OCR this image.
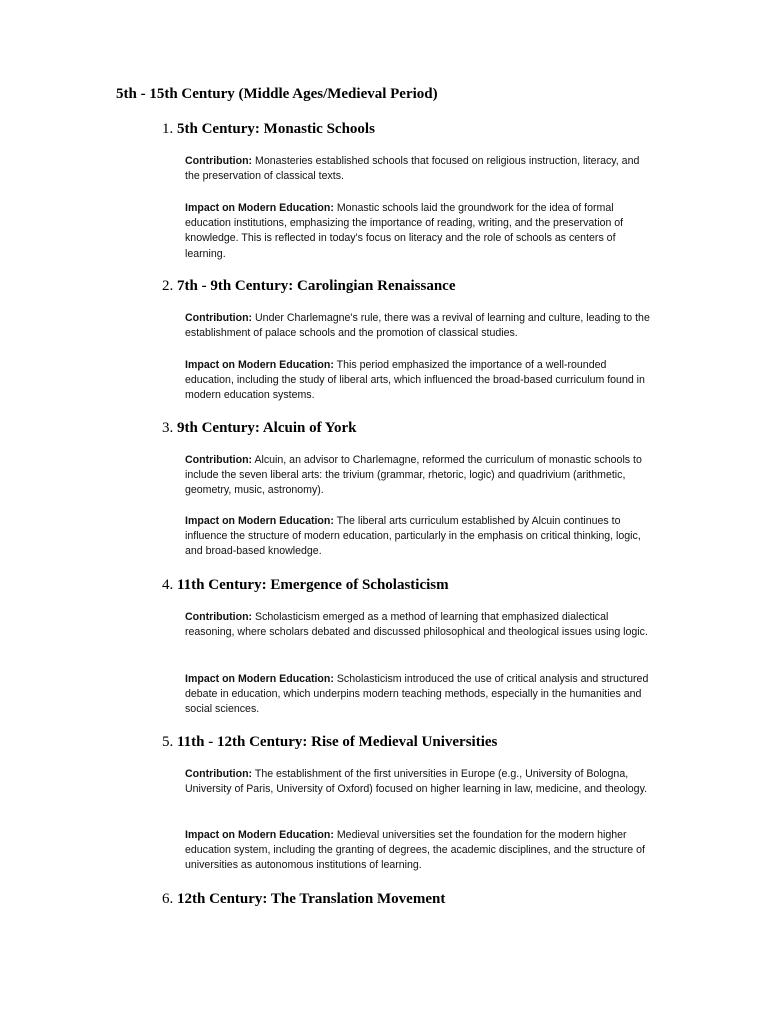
5th - 15th Century (Middle Ages/Medieval Period)
1. 5th Century: Monastic Schools

Contribution: Monasteries established schools that focused on religious instruction, literacy, and the preservation of classical texts.

Impact on Modern Education: Monastic schools laid the groundwork for the idea of formal education institutions, emphasizing the importance of reading, writing, and the preservation of knowledge. This is reflected in today's focus on literacy and the role of schools as centers of learning.

2. 7th - 9th Century: Carolingian Renaissance

Contribution: Under Charlemagne's rule, there was a revival of learning and culture, leading to the establishment of palace schools and the promotion of classical studies.

Impact on Modern Education: This period emphasized the importance of a well-rounded education, including the study of liberal arts, which influenced the broad-based curriculum found in modern education systems.

3. 9th Century: Alcuin of York

Contribution: Alcuin, an advisor to Charlemagne, reformed the curriculum of monastic schools to include the seven liberal arts: the trivium (grammar, rhetoric, logic) and quadrivium (arithmetic, geometry, music, astronomy).

Impact on Modern Education: The liberal arts curriculum established by Alcuin continues to influence the structure of modern education, particularly in the emphasis on critical thinking, logic, and broad-based knowledge.

4. 11th Century: Emergence of Scholasticism

Contribution: Scholasticism emerged as a method of learning that emphasized dialectical reasoning, where scholars debated and discussed philosophical and theological issues using logic.

Impact on Modern Education: Scholasticism introduced the use of critical analysis and structured debate in education, which underpins modern teaching methods, especially in the humanities and social sciences.

5. 11th - 12th Century: Rise of Medieval Universities

Contribution: The establishment of the first universities in Europe (e.g., University of Bologna, University of Paris, University of Oxford) focused on higher learning in law, medicine, and theology.

Impact on Modern Education: Medieval universities set the foundation for the modern higher education system, including the granting of degrees, the academic disciplines, and the structure of universities as autonomous institutions of learning.

6. 12th Century: The Translation Movement
